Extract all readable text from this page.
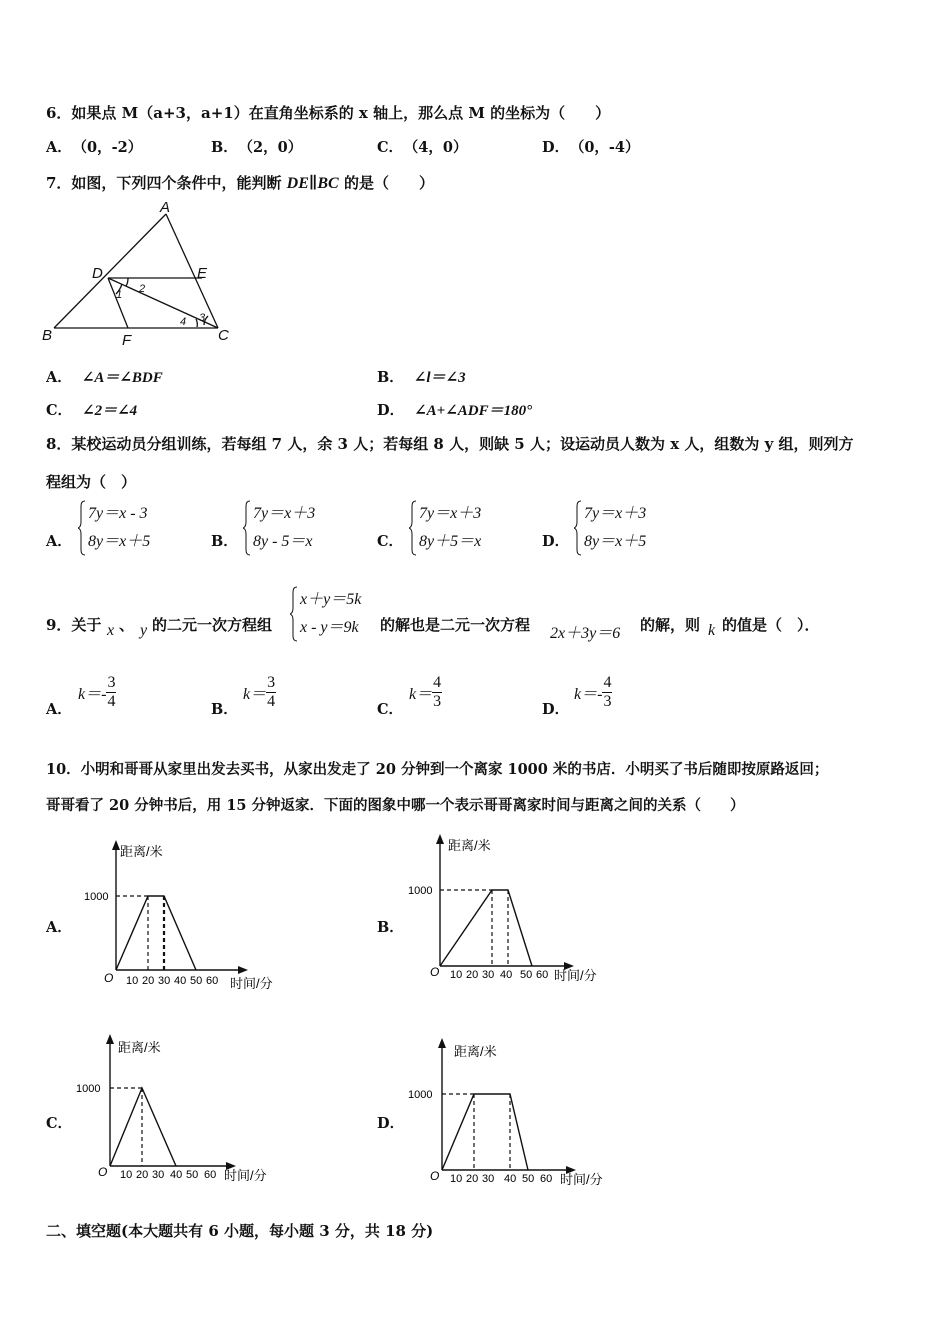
6．如果点 M（a+3，a+1）在直角坐标系的 x 轴上，那么点 M 的坐标为（　　）
A． （0，-2）	B． （2，0）	C． （4，0）	D． （0，-4）
7．如图，下列四个条件中，能判断 DE∥BC 的是（　　）
A
D	E
B	F	C
1 2
3
4
A． ∠A＝∠BDF	B． ∠l＝∠3
C． ∠2＝∠4	D． ∠A+∠ADF＝180°
8．某校运动员分组训练，若每组 7 人，余 3 人；若每组 8 人，则缺 5 人；设运动员人数为 x 人，组数为 y 组，则列方
程组为（　）
A．
7y＝x - 3
8y＝x＋5	B．
7y＝x＋3
8y - 5＝x	C．
7y＝x＋3
8y＋5＝x	D．
7y＝x＋3
8y＝x＋5
9．关于 x 、 y 的二元一次方程组
x＋y＝5k
x - y＝9k 的解也是二元一次方程 2x＋3y＝6 的解，则 k 的值是（　）．
A．
$k=- \frac{3}{4}$	B．
$k= \frac{3}{4}$	C．
$k= \frac{4}{3}$	D．
$k=- \frac{4}{3}$
10．小明和哥哥从家里出发去买书，从家出发走了 20 分钟到一个离家 1000 米的书店．小明买了书后随即按原路返回；
哥哥看了 20 分钟书后，用 15 分钟返家．下面的图象中哪一个表示哥哥离家时间与距离之间的关系（　　）
A．	B．
C．	D．
距离/米
1000
O 10 20 30 40 50 60 时间/分
距离/米
1000
O 10 20 30 40 50 60 时间/分
距离/米
1000
O 10 20 30 40 50 60 时间/分
距离/米
1000
O 10 20 30 40 50 60 时间/分
二、填空题(本大题共有 6 小题，每小题 3 分，共 18 分)
